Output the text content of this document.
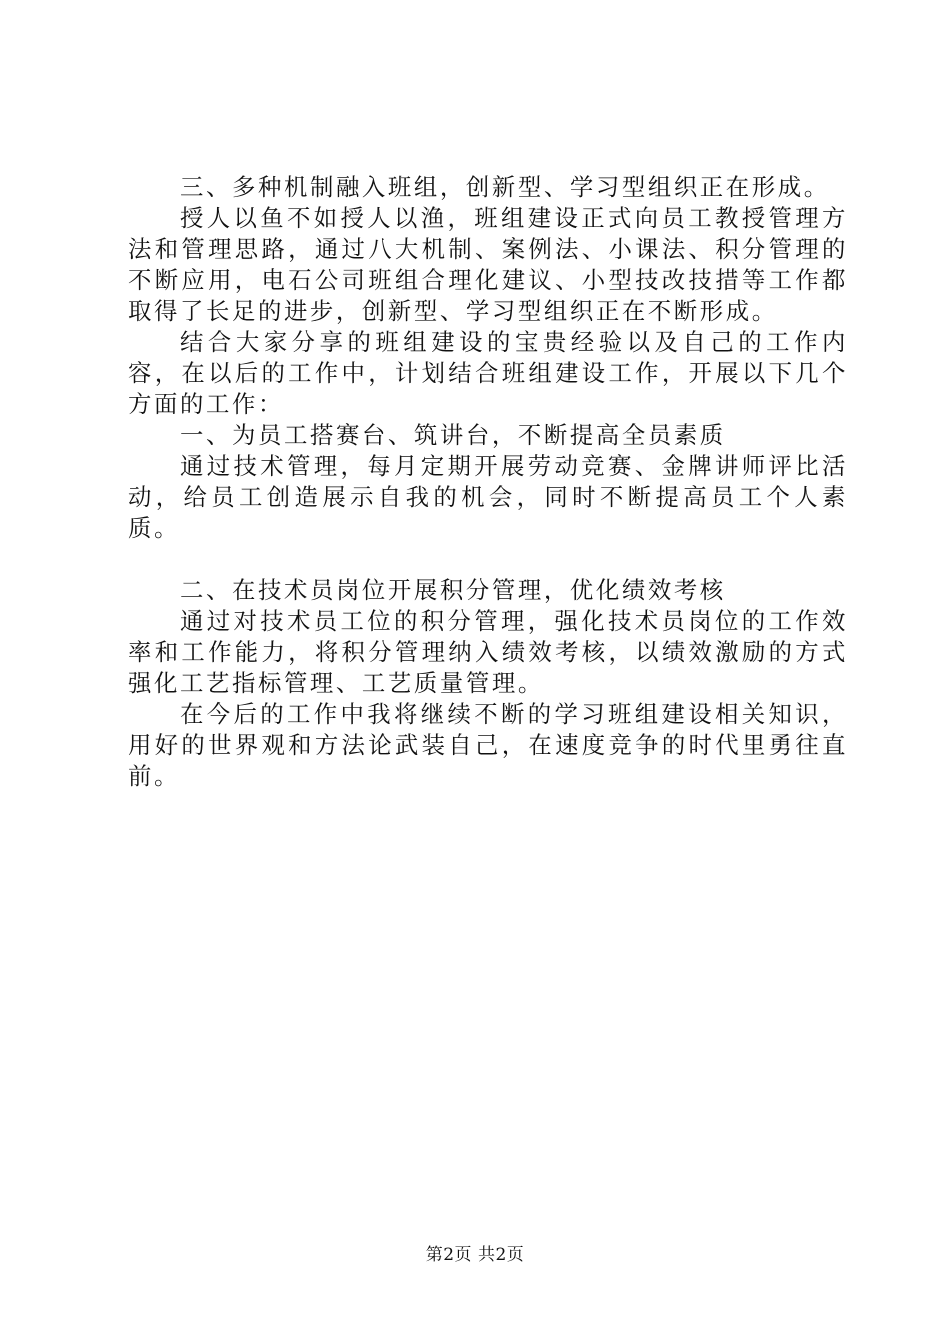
三、多种机制融入班组，创新型、学习型组织正在形成。

授人以鱼不如授人以渔，班组建设正式向员工教授管理方法和管理思路，通过八大机制、案例法、小课法、积分管理的不断应用，电石公司班组合理化建议、小型技改技措等工作都取得了长足的进步，创新型、学习型组织正在不断形成。

结合大家分享的班组建设的宝贵经验以及自己的工作内容，在以后的工作中，计划结合班组建设工作，开展以下几个方面的工作：

一、为员工搭赛台、筑讲台，不断提高全员素质

通过技术管理，每月定期开展劳动竞赛、金牌讲师评比活动，给员工创造展示自我的机会，同时不断提高员工个人素质。

二、在技术员岗位开展积分管理，优化绩效考核

通过对技术员工位的积分管理，强化技术员岗位的工作效率和工作能力，将积分管理纳入绩效考核，以绩效激励的方式强化工艺指标管理、工艺质量管理。

在今后的工作中我将继续不断的学习班组建设相关知识，用好的世界观和方法论武装自己，在速度竞争的时代里勇往直前。

第2页 共2页
